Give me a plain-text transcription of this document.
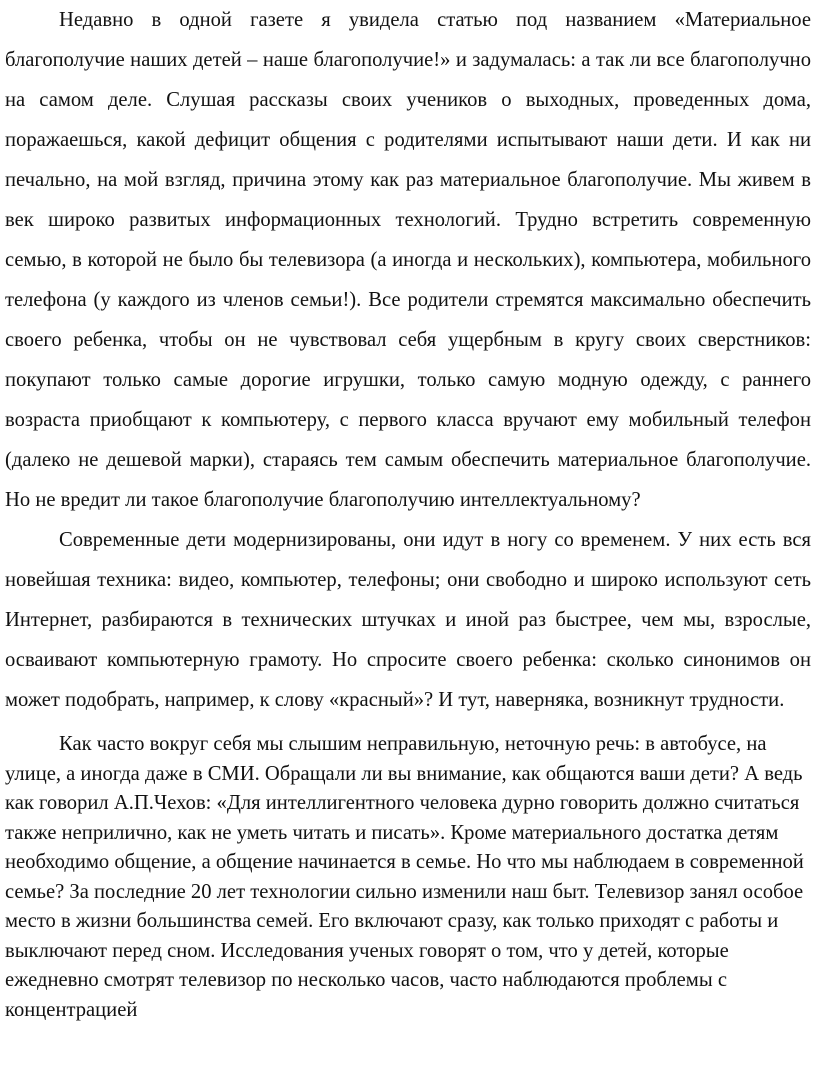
Недавно в одной газете я увидела статью под названием «Материальное благополучие наших детей – наше благополучие!» и задумалась: а так ли все благополучно на самом деле. Слушая рассказы своих учеников о выходных, проведенных дома, поражаешься, какой дефицит общения с родителями испытывают наши дети. И как ни печально, на мой взгляд, причина этому как раз материальное благополучие. Мы живем в век широко развитых информационных технологий. Трудно встретить современную семью, в которой не было бы телевизора (а иногда и нескольких), компьютера, мобильного телефона (у каждого из членов семьи!). Все родители стремятся максимально обеспечить своего ребенка, чтобы он не чувствовал себя ущербным в кругу своих сверстников: покупают только самые дорогие игрушки, только самую модную одежду, с раннего возраста приобщают к компьютеру, с первого класса вручают ему мобильный телефон (далеко не дешевой марки), стараясь тем самым обеспечить материальное благополучие. Но не вредит ли такое благополучие благополучию интеллектуальному?

Современные дети модернизированы, они идут в ногу со временем. У них есть вся новейшая техника: видео, компьютер, телефоны; они свободно и широко используют сеть Интернет, разбираются в технических штучках и иной раз быстрее, чем мы, взрослые, осваивают компьютерную грамоту. Но спросите своего ребенка: сколько синонимов он может подобрать, например, к слову «красный»? И тут, наверняка, возникнут трудности.

Как часто вокруг себя мы слышим неправильную, неточную речь: в автобусе, на улице, а иногда даже в СМИ. Обращали ли вы внимание, как общаются ваши дети? А ведь как говорил А.П.Чехов: «Для интеллигентного человека дурно говорить должно считаться также неприлично, как не уметь читать и писать». Кроме материального достатка детям необходимо общение, а общение начинается в семье. Но что мы наблюдаем в современной семье? За последние 20 лет технологии сильно изменили наш быт. Телевизор занял особое место в жизни большинства семей. Его включают сразу, как только приходят с работы и выключают перед сном. Исследования ученых говорят о том, что у детей, которые ежедневно смотрят телевизор по несколько часов, часто наблюдаются проблемы с концентрацией
